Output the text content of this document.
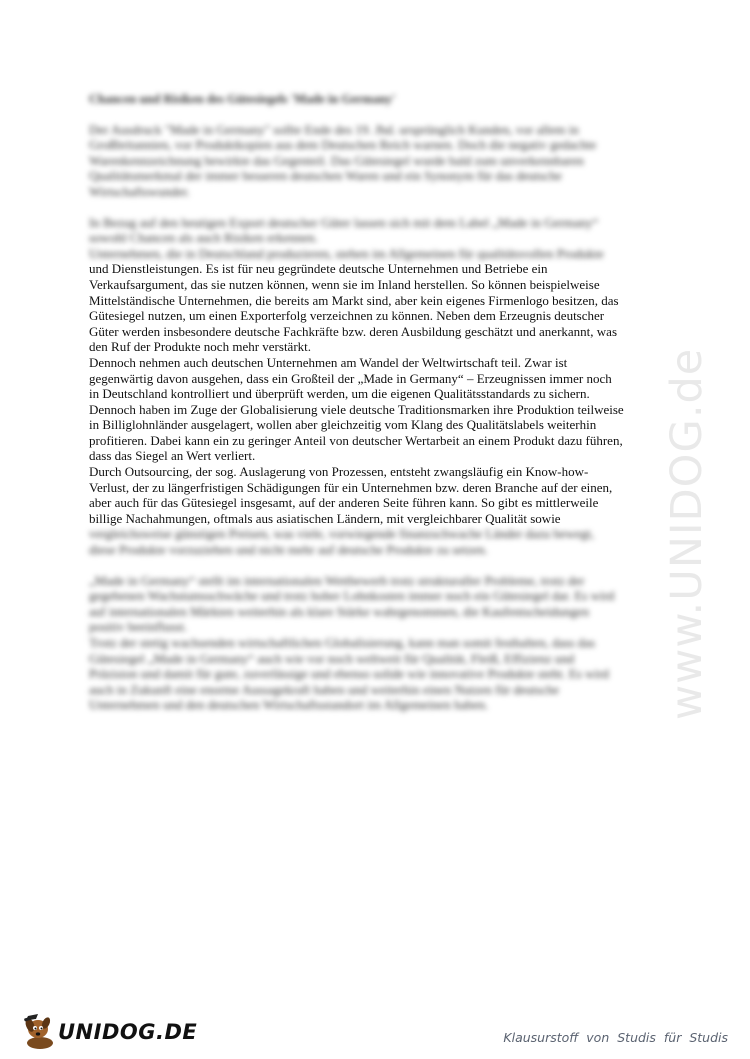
www.UNIDOG.de
Chancen und Risiken des Gütesiegels 'Made in Germany'
Der Ausdruck "Made in Germany" sollte Ende des 19. Jhd. ursprünglich Kunden, vor allem in
Großbritannien, vor Produktkopien aus dem Deutschen Reich warnen. Doch die negativ gedachte
Warenkennzeichnung bewirkte das Gegenteil. Das Gütesiegel wurde bald zum unverkennbaren
Qualitätsmerkmal der immer besseren deutschen Waren und ein Synonym für das deutsche
Wirtschaftswunder.
In Bezug auf den heutigen Export deutscher Güter lassen sich mit dem Label „Made in Germany“
sowohl Chancen als auch Risiken erkennen.
Unternehmen, die in Deutschland produzieren, stehen im Allgemeinen für qualitätsvollen Produkte
und Dienstleistungen. Es ist für neu gegründete deutsche Unternehmen und Betriebe ein
Verkaufsargument, das sie nutzen können, wenn sie im Inland herstellen. So können beispielweise
Mittelständische Unternehmen, die bereits am Markt sind, aber kein eigenes Firmenlogo besitzen, das
Gütesiegel nutzen, um einen Exporterfolg verzeichnen zu können. Neben dem Erzeugnis deutscher
Güter werden insbesondere deutsche Fachkräfte bzw. deren Ausbildung geschätzt und anerkannt, was
den Ruf der Produkte noch mehr verstärkt.
Dennoch nehmen auch deutschen Unternehmen am Wandel der Weltwirtschaft teil. Zwar ist
gegenwärtig davon ausgehen, dass ein Großteil der „Made in Germany“ – Erzeugnissen immer noch
in Deutschland kontrolliert und überprüft werden, um die eigenen Qualitätsstandards zu sichern.
Dennoch haben im Zuge der Globalisierung viele deutsche Traditionsmarken ihre Produktion teilweise
in Billiglohnländer ausgelagert, wollen aber gleichzeitig vom Klang des Qualitätslabels weiterhin
profitieren. Dabei kann ein zu geringer Anteil von deutscher Wertarbeit an einem Produkt dazu führen,
dass das Siegel an Wert verliert.
Durch Outsourcing, der sog. Auslagerung von Prozessen, entsteht zwangsläufig ein Know-how-
Verlust, der zu längerfristigen Schädigungen für ein Unternehmen bzw. deren Branche auf der einen,
aber auch für das Gütesiegel insgesamt, auf der anderen Seite führen kann. So gibt es mittlerweile
billige Nachahmungen, oftmals aus asiatischen Ländern, mit vergleichbarer Qualität sowie
vergleichsweise günstigen Preisen, was viele, vorwiegende finanzschwache Länder dazu bewegt,
diese Produkte vorzuziehen und nicht mehr auf deutsche Produkte zu setzen.
„Made in Germany“ stellt im internationalen Wettbewerb trotz strukturaller Probleme, trotz der
gegebenen Wachstumsschwäche und trotz hoher Lohnkosten immer noch ein Gütesiegel dar. Es wird
auf internationalen Märkten weiterhin als klare Stärke wahrgenommen, die Kaufentscheidungen
positiv beeinflusst.
Trotz der stetig wachsenden wirtschaftlichen Globalisierung, kann man somit festhalten, dass das
Gütesiegel „Made in Germany“ auch wie vor noch weltweit für Qualität, Fleiß, Effizienz und
Präzision und damit für gute, zuverlässige und ebenso solide wie innovative Produkte steht. Es wird
auch in Zukunft eine enorme Aussagekraft haben und weiterhin einen Nutzen für deutsche
Unternehmen und den deutschen Wirtschaftsstandort im Allgemeinen haben.
UNIDOG.DE	Klausurstoff von Studis für Studis
